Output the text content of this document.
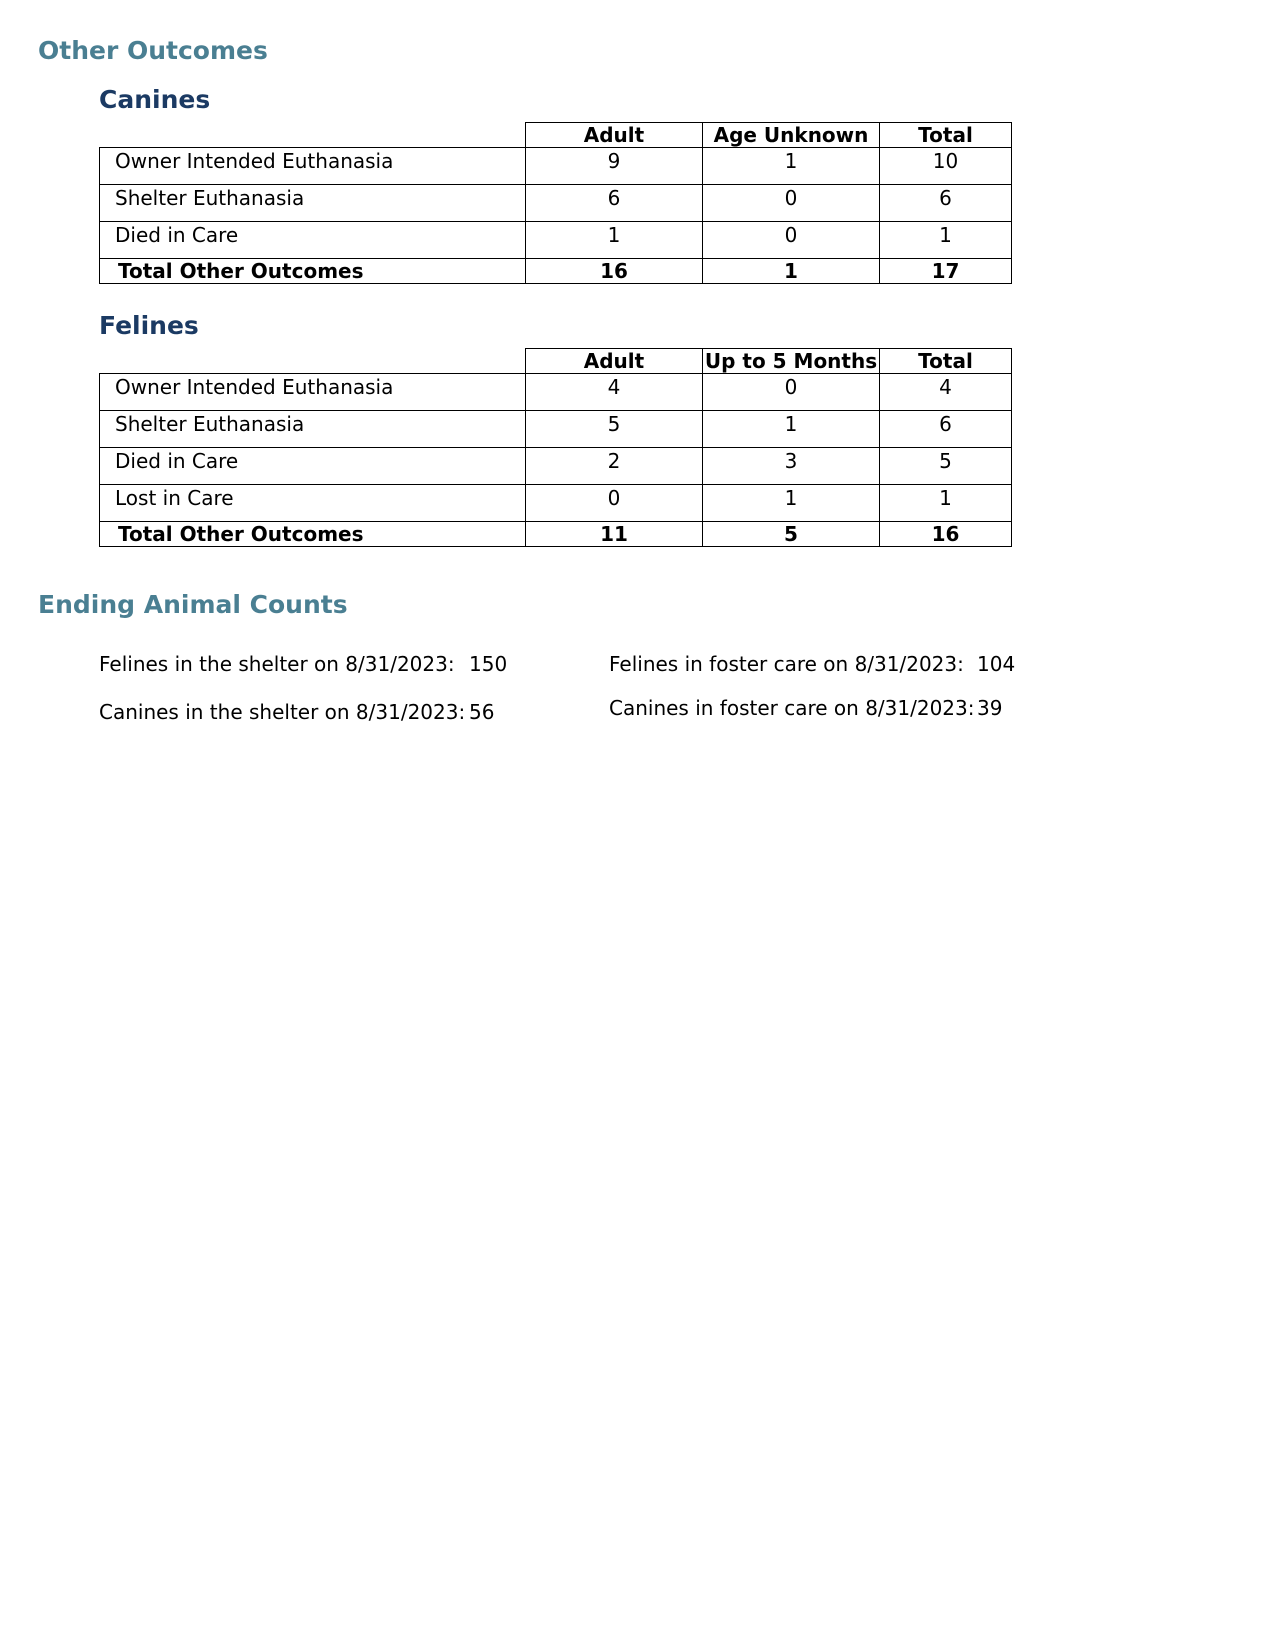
Other Outcomes
Canines
	Adult	Age Unknown	Total
Owner Intended Euthanasia	9	1	10
Shelter Euthanasia	6	0	6
Died in Care	1	0	1
Total Other Outcomes	16	1	17
Felines
	Adult	Up to 5 Months	Total
Owner Intended Euthanasia	4	0	4
Shelter Euthanasia	5	1	6
Died in Care	2	3	5
Lost in Care	0	1	1
Total Other Outcomes	11	5	16
Ending Animal Counts
Felines in the shelter on 8/31/2023: 150	Felines in foster care on 8/31/2023: 104
Canines in the shelter on 8/31/2023: 56	Canines in foster care on 8/31/2023: 39
